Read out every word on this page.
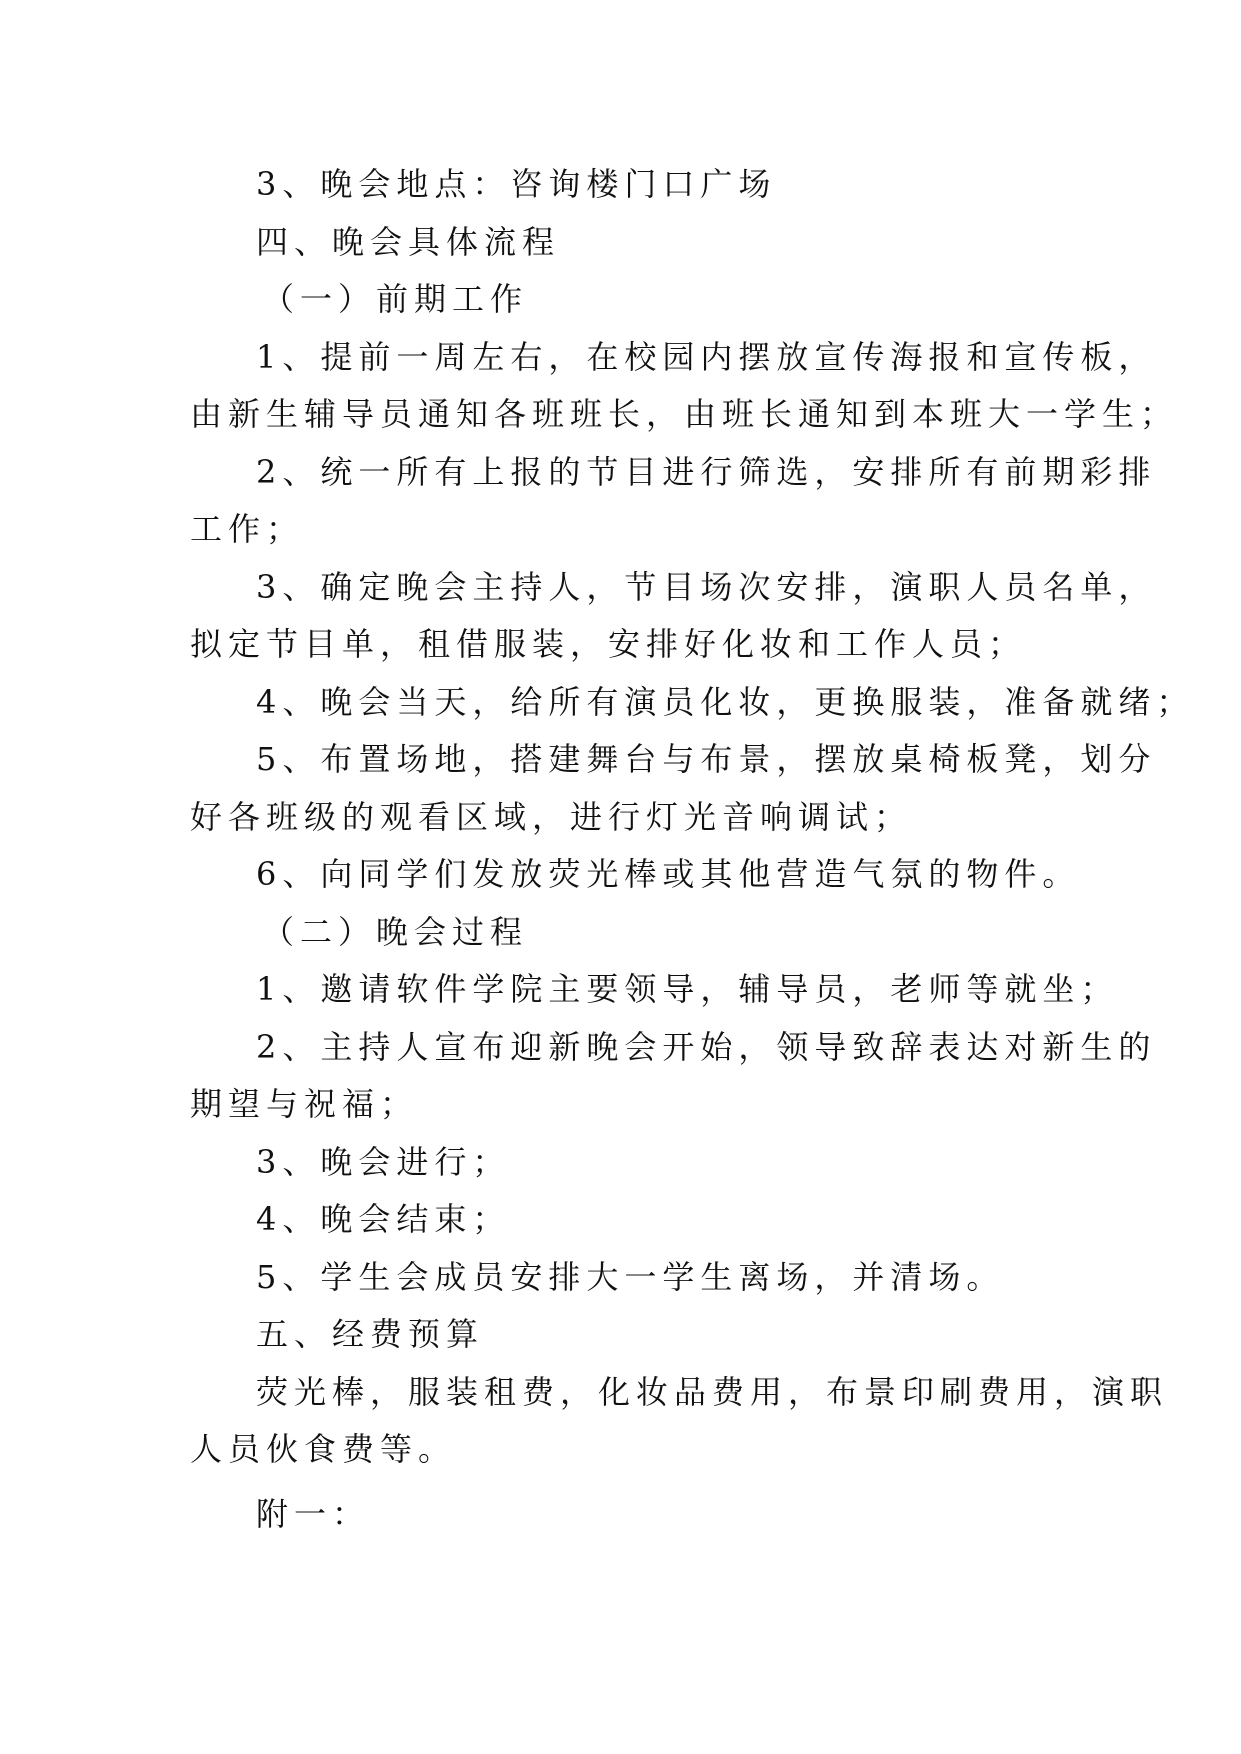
3、晚会地点：咨询楼门口广场
四、晚会具体流程
（一）前期工作
1、提前一周左右，在校园内摆放宣传海报和宣传板，
由新生辅导员通知各班班长，由班长通知到本班大一学生；
2、统一所有上报的节目进行筛选，安排所有前期彩排
工作；
3、确定晚会主持人，节目场次安排，演职人员名单，
拟定节目单，租借服装，安排好化妆和工作人员；
4、晚会当天，给所有演员化妆，更换服装，准备就绪；
5、布置场地，搭建舞台与布景，摆放桌椅板凳，划分
好各班级的观看区域，进行灯光音响调试；
6、向同学们发放荧光棒或其他营造气氛的物件。
（二）晚会过程
1、邀请软件学院主要领导，辅导员，老师等就坐；
2、主持人宣布迎新晚会开始，领导致辞表达对新生的
期望与祝福；
3、晚会进行；
4、晚会结束；
5、学生会成员安排大一学生离场，并清场。
五、经费预算
荧光棒，服装租费，化妆品费用，布景印刷费用，演职
人员伙食费等。
附一：
